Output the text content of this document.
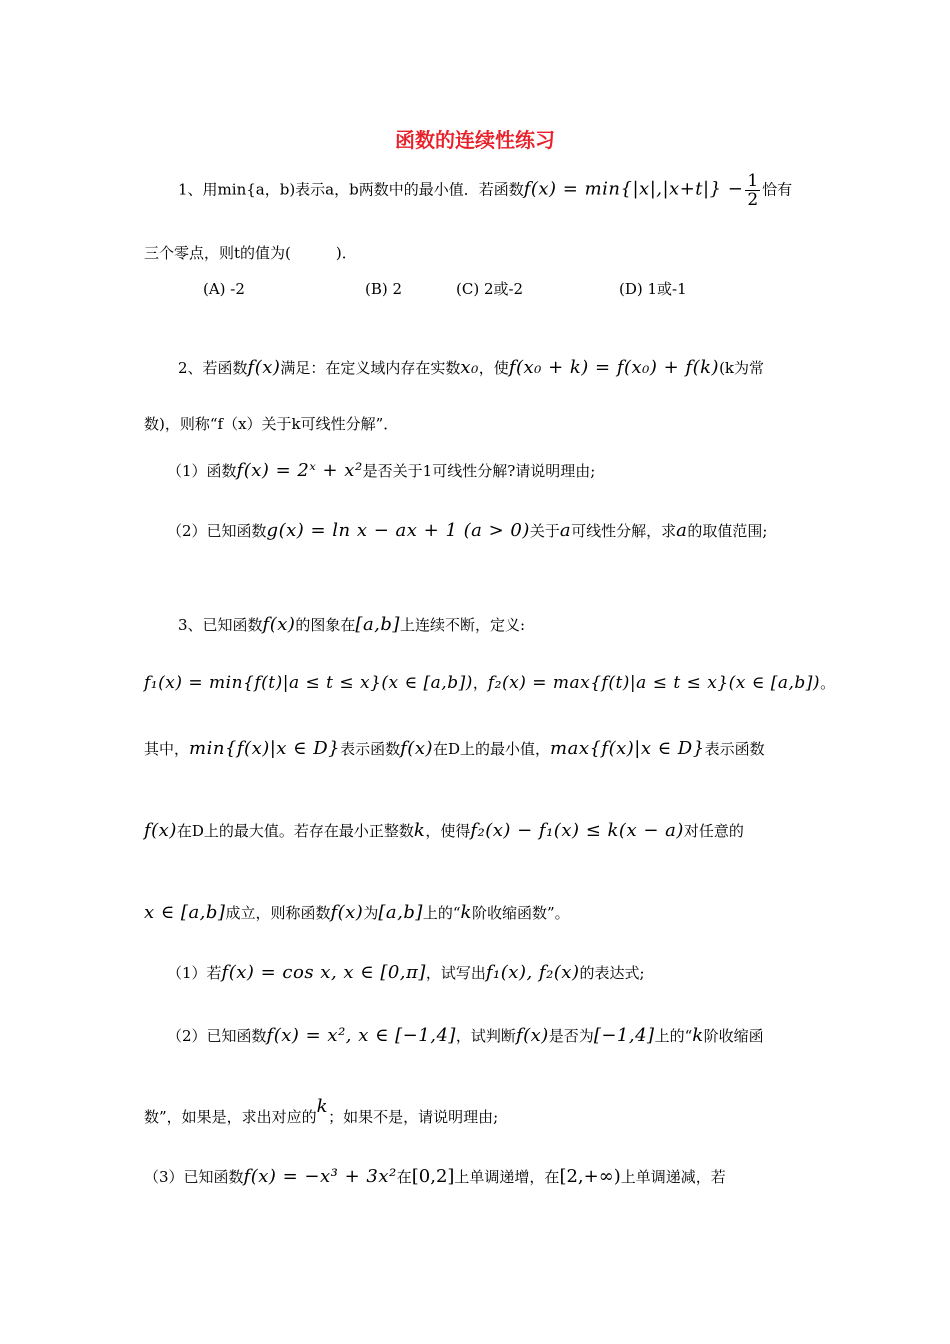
函数的连续性练习
1、用min{a，b)表示a，b两数中的最小值．若函数$f(x) = \min\{|x|,|x+t|\} - \frac{1}{2}$ 恰有
三个零点，则t的值为(　　　)．
(A) -2	(B) 2	(C) 2或-2	(D) 1或-1
2、若函数f(x)满足：在定义域内存在实数x₀，使f(x₀ + k) = f(x₀) + f(k)(k为常
数)，则称“f（x）关于k可线性分解”．
（1）函数f(x) = 2ˣ + x²是否关于1可线性分解?请说明理由;
（2）已知函数g(x) = ln x − ax + 1 (a > 0)关于a可线性分解，求a的取值范围;
3、已知函数f(x)的图象在[a,b]上连续不断，定义:
f₁(x) = min{f(t)|a ≤ t ≤ x}(x ∈ [a,b])，f₂(x) = max{f(t)|a ≤ t ≤ x}(x ∈ [a,b])。
其中，min{f(x)|x ∈ D}表示函数f(x)在D上的最小值，max{f(x)|x ∈ D}表示函数
f(x)在D上的最大值。若存在最小正整数k，使得f₂(x) − f₁(x) ≤ k(x − a)对任意的
x ∈ [a,b]成立，则称函数f(x)为[a,b]上的“k阶收缩函数”。
（1）若f(x) = cos x, x ∈ [0,π]，试写出f₁(x), f₂(x)的表达式;
（2）已知函数f(x) = x², x ∈ [−1,4]，试判断f(x)是否为[−1,4]上的“k阶收缩函
数”，如果是，求出对应的k；如果不是，请说明理由;
（3）已知函数f(x) = −x³ + 3x²在[0,2]上单调递增，在[2,+∞)上单调递减，若
